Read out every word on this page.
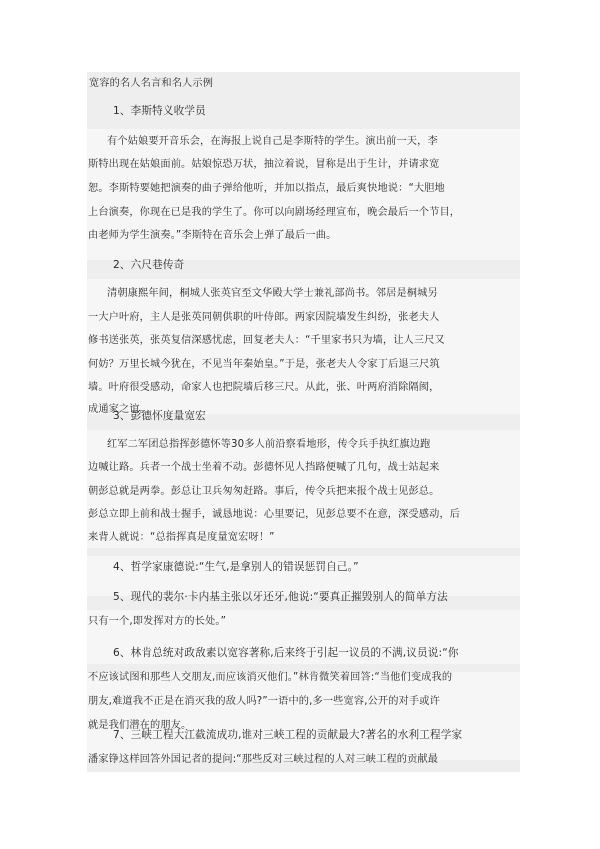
宽容的名人名言和名人示例
1、李斯特义收学员
有个姑娘要开音乐会，在海报上说自己是李斯特的学生。演出前一天，李
斯特出现在姑娘面前。姑娘惊恐万状，抽泣着说，冒称是出于生计，并请求宽
恕。李斯特要她把演奏的曲子弹给他听，并加以指点，最后爽快地说：“大胆地
上台演奏，你现在已是我的学生了。你可以向剧场经理宣布，晚会最后一个节目，
由老师为学生演奏。”李斯特在音乐会上弹了最后一曲。
2、六尺巷传奇
清朝康熙年间，桐城人张英官至文华殿大学士兼礼部尚书。邻居是桐城另
一大户叶府，主人是张英同朝供职的叶侍郎。两家因院墙发生纠纷，张老夫人
修书送张英，张英复信深感忧虑，回复老夫人：“千里家书只为墙，让人三尺又
何妨？万里长城今犹在，不见当年秦始皇。”于是，张老夫人令家丁后退三尺筑
墙。叶府很受感动，命家人也把院墙后移三尺。从此，张、叶两府消除隔阂，
成通家之谊。
3、彭德怀度量宽宏
红军二军团总指挥彭德怀等30多人前沿察看地形，传令兵手执红旗边跑
边喊让路。兵者一个战士坐着不动。彭德怀见人挡路便喊了几句，战士站起来
朝彭总就是两拳。彭总让卫兵匆匆赶路。事后，传令兵把来报个战士见彭总。
彭总立即上前和战士握手，诚恳地说：心里要记，见彭总要不在意，深受感动，后
来背人就说：“总指挥真是度量宽宏呀！”
4、哲学家康德说:“生气,是拿别人的错误惩罚自己。”
5、现代的裴尔·卡内基主张以牙还牙,他说:“要真正摧毁别人的简单方法
只有一个,即发挥对方的长处。”
6、林肯总统对政敌素以宽容著称,后来终于引起一议员的不满,议员说:“你
不应该试图和那些人交朋友,而应该消灭他们。”林肯微笑着回答:“当他们变成我的
朋友,难道我不正是在消灭我的敌人吗?”一语中的,多一些宽容,公开的对手或许
就是我们潜在的朋友。
7、三峡工程大江截流成功,谁对三峡工程的贡献最大?著名的水利工程学家
潘家铮这样回答外国记者的提问:“那些反对三峡过程的人对三峡工程的贡献最
